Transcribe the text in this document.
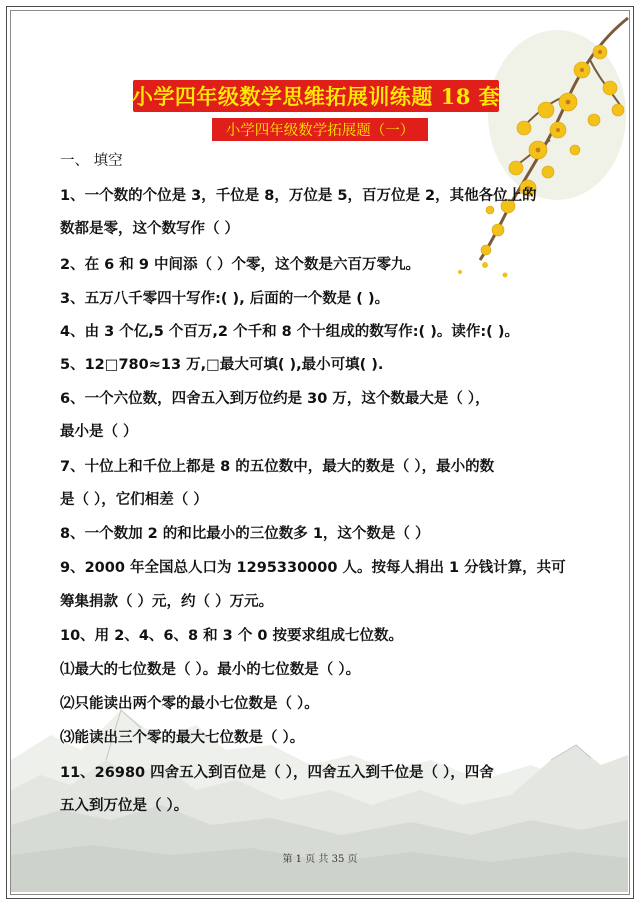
小学四年级数学思维拓展训练题 18 套
小学四年级数学拓展题（一）
一、 填空
1、一个数的个位是 3，千位是 8，万位是 5，百万位是 2，其他各位上的
数都是零，这个数写作（ ）
2、在 6 和 9 中间添（ ）个零，这个数是六百万零九。
3、五万八千零四十写作:( ), 后面的一个数是 ( )。
4、由 3 个亿,5 个百万,2 个千和 8 个十组成的数写作:( )。读作:( )。
5、12□780≈13 万,□最大可填( ),最小可填( ).
6、一个六位数，四舍五入到万位约是 30 万，这个数最大是（ ），
最小是（ ）
7、十位上和千位上都是 8 的五位数中，最大的数是（ ），最小的数
是（ ），它们相差（ ）
8、一个数加 2 的和比最小的三位数多 1，这个数是（ ）
9、2000 年全国总人口为 1295330000 人。按每人捐出 1 分钱计算，共可
筹集捐款（ ）元，约（ ）万元。
10、用 2、4、6、8 和 3 个 0 按要求组成七位数。
⑴最大的七位数是（ ）。最小的七位数是（ ）。
⑵只能读出两个零的最小七位数是（ ）。
⑶能读出三个零的最大七位数是（ ）。
11、26980 四舍五入到百位是（ ），四舍五入到千位是（ ），四舍
五入到万位是（ ）。
第 1 页 共 35 页
